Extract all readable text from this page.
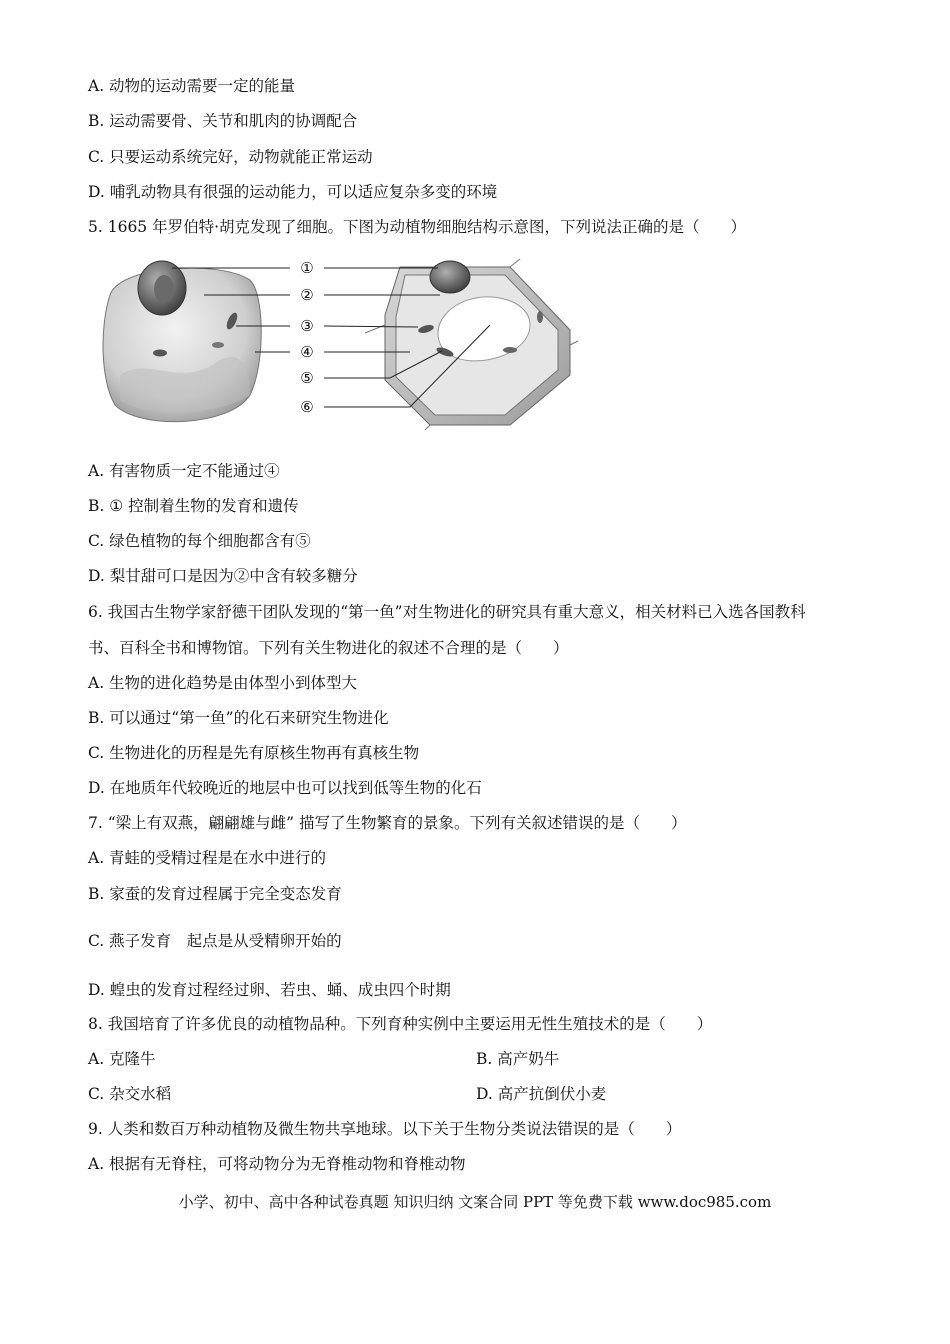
A. 动物的运动需要一定的能量
B. 运动需要骨、关节和肌肉的协调配合
C. 只要运动系统完好，动物就能正常运动
D. 哺乳动物具有很强的运动能力，可以适应复杂多变的环境
5. 1665 年罗伯特·胡克发现了细胞。下图为动植物细胞结构示意图，下列说法正确的是（　　）
①
②
③
④
⑤
⑥
A. 有害物质一定不能通过④
B. ① 控制着生物的发育和遗传
C. 绿色植物的每个细胞都含有⑤
D. 梨甘甜可口是因为②中含有较多糖分
6. 我国古生物学家舒德干团队发现的“第一鱼”对生物进化的研究具有重大意义，相关材料已入选各国教科
书、百科全书和博物馆。下列有关生物进化的叙述不合理的是（　　）
A. 生物的进化趋势是由体型小到体型大
B. 可以通过“第一鱼”的化石来研究生物进化
C. 生物进化的历程是先有原核生物再有真核生物
D. 在地质年代较晚近的地层中也可以找到低等生物的化石
7. “梁上有双燕，翩翩雄与雌” 描写了生物繁育的景象。下列有关叙述错误的是（　　）
A. 青蛙的受精过程是在水中进行的
B. 家蚕的发育过程属于完全变态发育
C. 燕子发育　起点是从受精卵开始的
D. 蝗虫的发育过程经过卵、若虫、蛹、成虫四个时期
8. 我国培育了许多优良的动植物品种。下列育种实例中主要运用无性生殖技术的是（　　）
A. 克隆牛	B. 高产奶牛
C. 杂交水稻	D. 高产抗倒伏小麦
9. 人类和数百万种动植物及微生物共享地球。以下关于生物分类说法错误的是（　　）
A. 根据有无脊柱，可将动物分为无脊椎动物和脊椎动物
小学、初中、高中各种试卷真题 知识归纳 文案合同 PPT 等免费下载 www.doc985.com
